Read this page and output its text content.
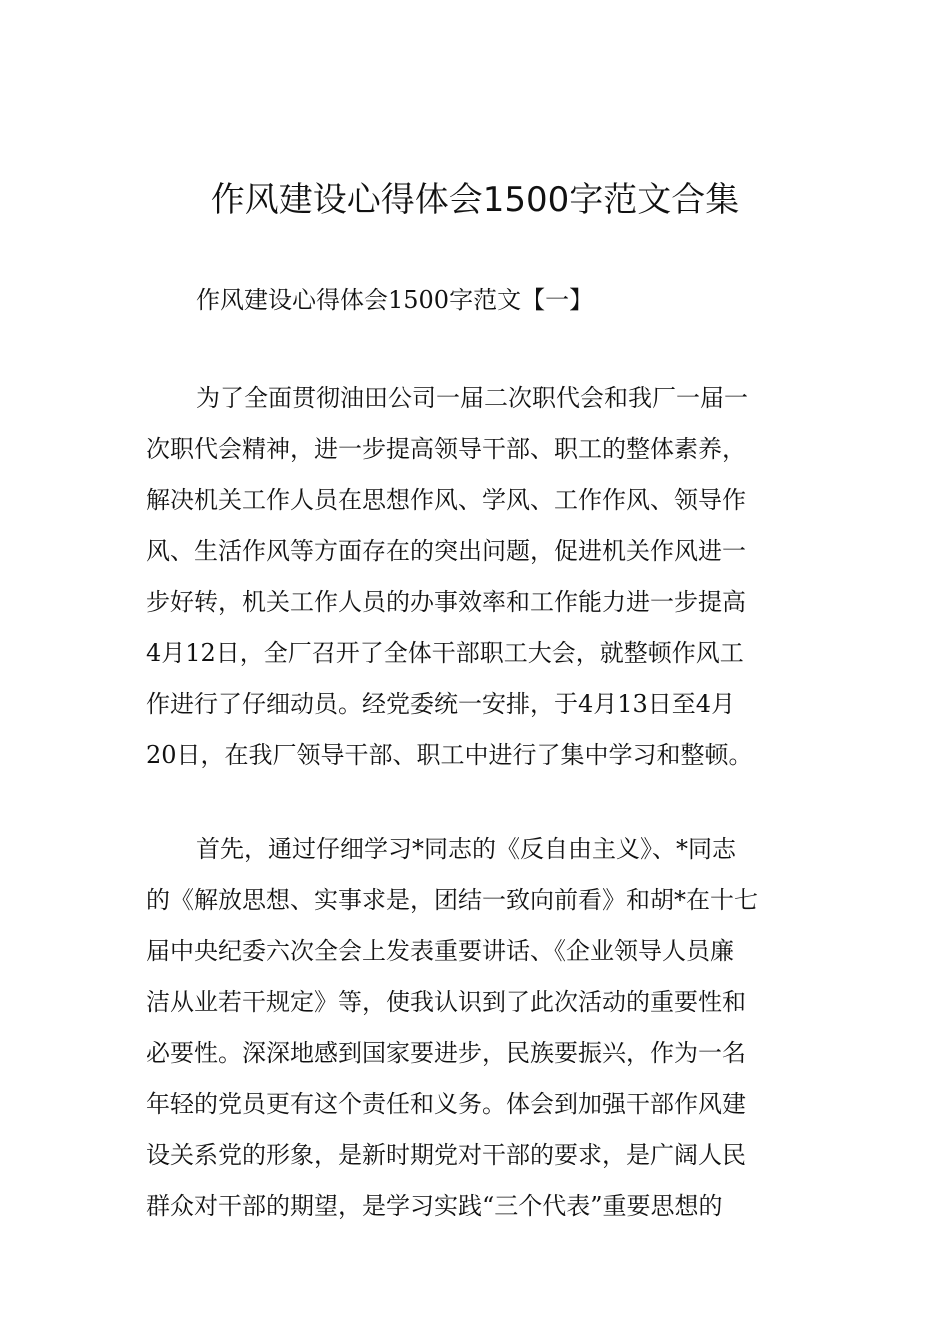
作风建设心得体会1500字范文合集

作风建设心得体会1500字范文【一】

为了全面贯彻油田公司一届二次职代会和我厂一届一
次职代会精神，进一步提高领导干部、职工的整体素养，
解决机关工作人员在思想作风、学风、工作作风、领导作
风、生活作风等方面存在的突出问题，促进机关作风进一
步好转，机关工作人员的办事效率和工作能力进一步提高
4月12日，全厂召开了全体干部职工大会，就整顿作风工
作进行了仔细动员。经党委统一安排，于4月13日至4月
20日，在我厂领导干部、职工中进行了集中学习和整顿。
首先，通过仔细学习*同志的《反自由主义》、*同志
的《解放思想、实事求是，团结一致向前看》和胡*在十七
届中央纪委六次全会上发表重要讲话、《企业领导人员廉
洁从业若干规定》等，使我认识到了此次活动的重要性和
必要性。深深地感到国家要进步，民族要振兴，作为一名
年轻的党员更有这个责任和义务。体会到加强干部作风建
设关系党的形象，是新时期党对干部的要求，是广阔人民
群众对干部的期望，是学习实践“三个代表”重要思想的
